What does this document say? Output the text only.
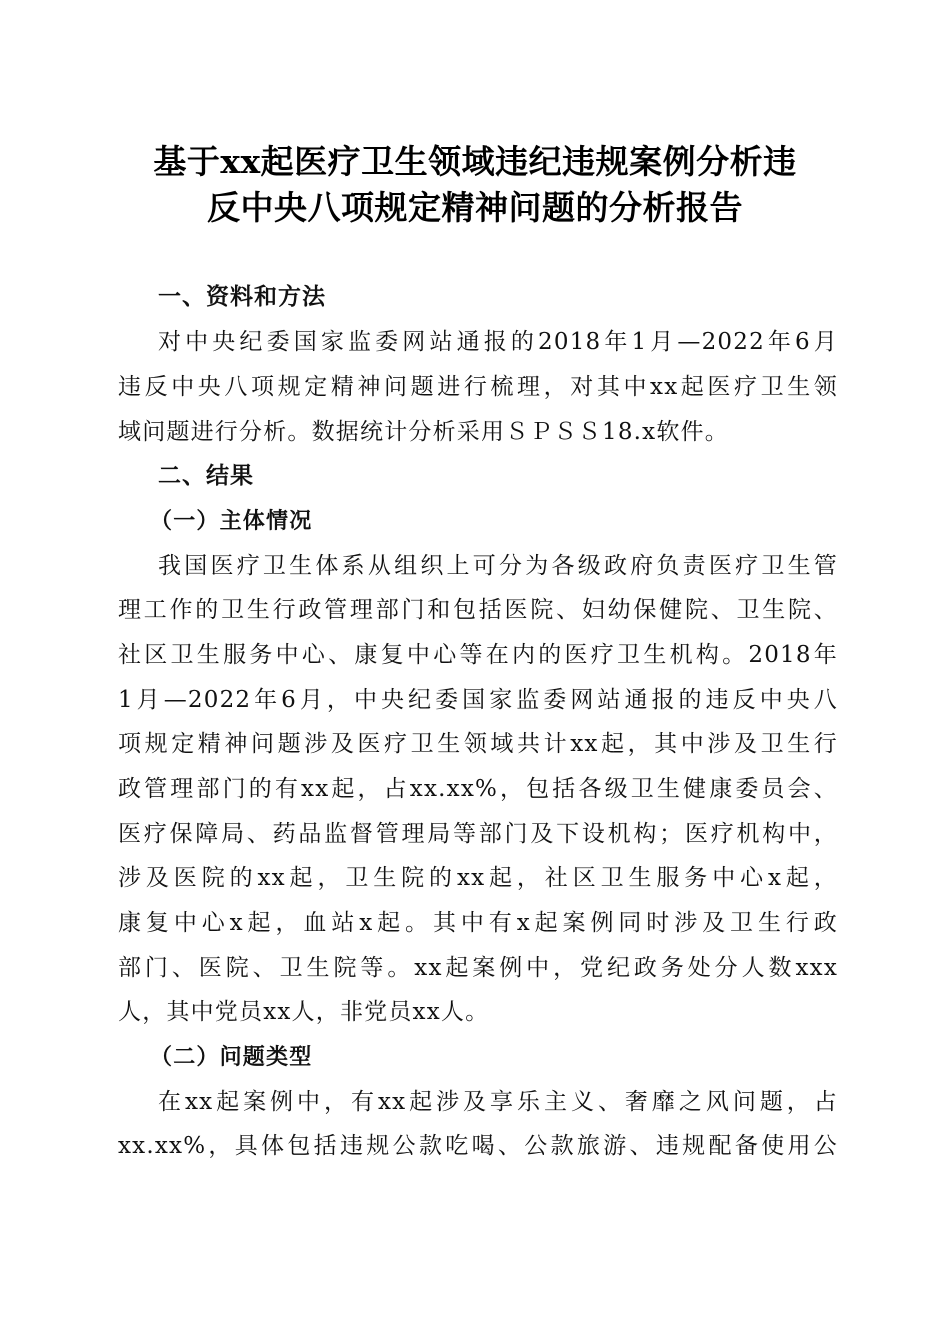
基于xx起医疗卫生领域违纪违规案例分析违
反中央八项规定精神问题的分析报告

一、资料和方法

对中央纪委国家监委网站通报的2018年1月—2022年6月

违反中央八项规定精神问题进行梳理，对其中xx起医疗卫生领

域问题进行分析。数据统计分析采用ＳＰＳＳ18.x软件。

二、结果

（一）主体情况

我国医疗卫生体系从组织上可分为各级政府负责医疗卫生管

理工作的卫生行政管理部门和包括医院、妇幼保健院、卫生院、

社区卫生服务中心、康复中心等在内的医疗卫生机构。2018年

1月—2022年6月，中央纪委国家监委网站通报的违反中央八

项规定精神问题涉及医疗卫生领域共计xx起，其中涉及卫生行

政管理部门的有xx起，占xx.xx%，包括各级卫生健康委员会、

医疗保障局、药品监督管理局等部门及下设机构；医疗机构中，

涉及医院的xx起，卫生院的xx起，社区卫生服务中心x起，

康复中心x起，血站x起。其中有x起案例同时涉及卫生行政

部门、医院、卫生院等。xx起案例中，党纪政务处分人数xxx

人，其中党员xx人，非党员xx人。

（二）问题类型

在xx起案例中，有xx起涉及享乐主义、奢靡之风问题，占

xx.xx%，具体包括违规公款吃喝、公款旅游、违规配备使用公
